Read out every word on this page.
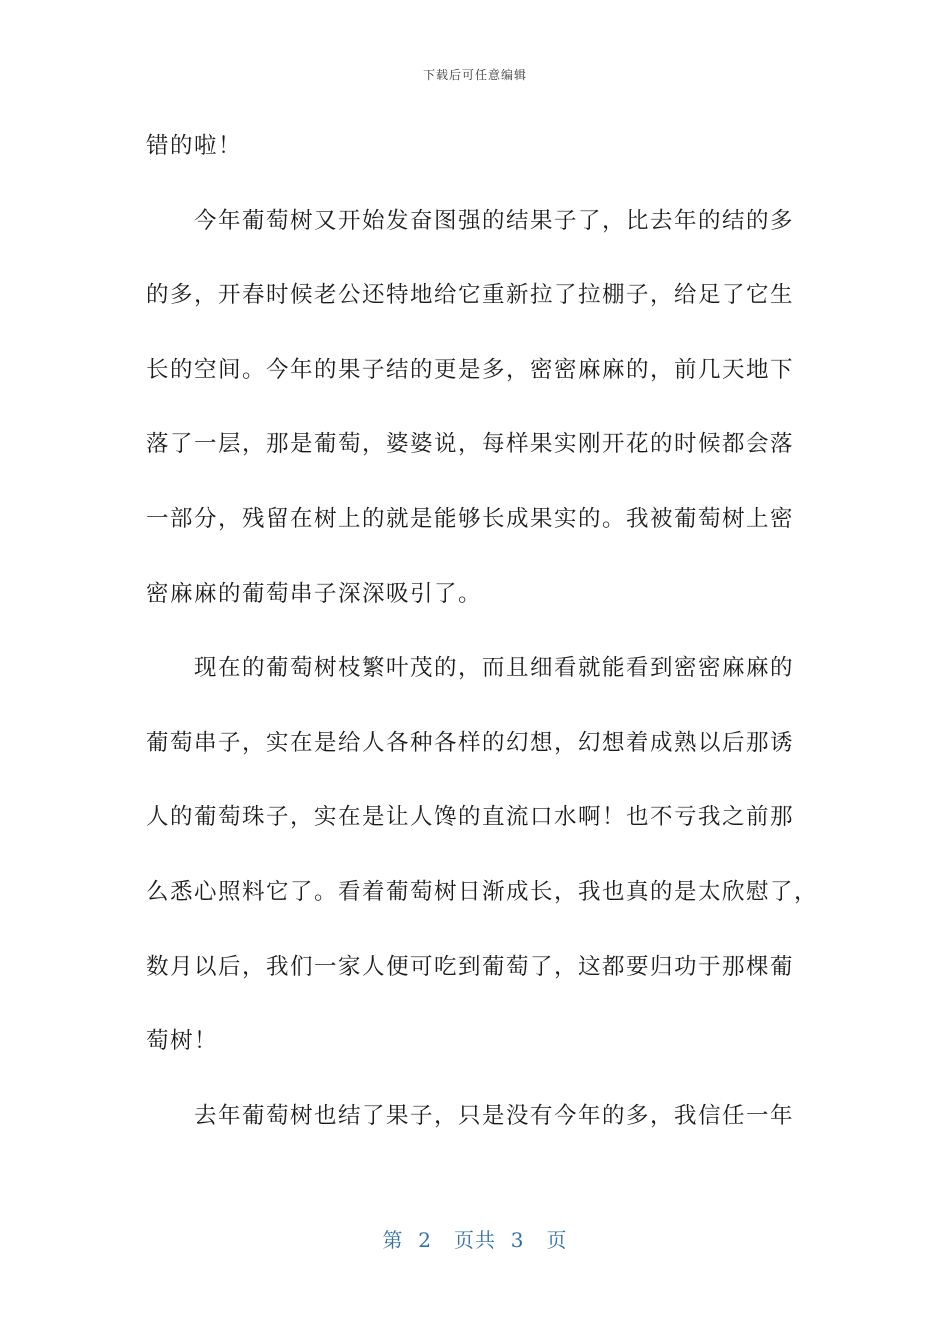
下载后可任意编辑
错的啦！
今年葡萄树又开始发奋图强的结果子了，比去年的结的多
的多，开春时候老公还特地给它重新拉了拉棚子，给足了它生
长的空间。今年的果子结的更是多，密密麻麻的，前几天地下
落了一层，那是葡萄，婆婆说，每样果实刚开花的时候都会落
一部分，残留在树上的就是能够长成果实的。我被葡萄树上密
密麻麻的葡萄串子深深吸引了。
现在的葡萄树枝繁叶茂的，而且细看就能看到密密麻麻的
葡萄串子，实在是给人各种各样的幻想，幻想着成熟以后那诱
人的葡萄珠子，实在是让人馋的直流口水啊！也不亏我之前那
么悉心照料它了。看着葡萄树日渐成长，我也真的是太欣慰了，
数月以后，我们一家人便可吃到葡萄了，这都要归功于那棵葡
萄树！
去年葡萄树也结了果子，只是没有今年的多，我信任一年
第  2   页共  3   页
